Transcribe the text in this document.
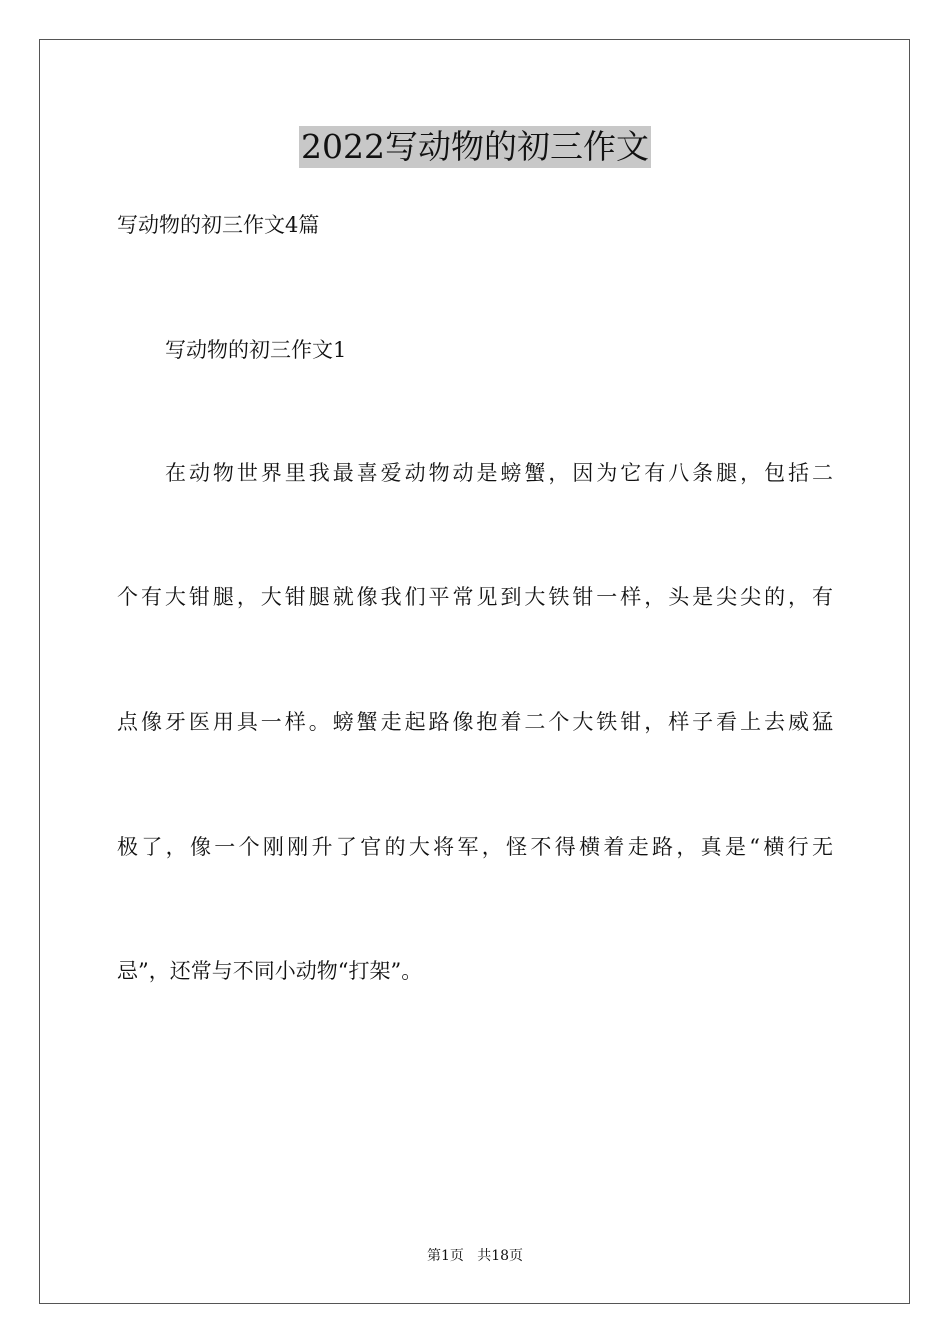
2022写动物的初三作文
写动物的初三作文4篇
写动物的初三作文1
在动物世界里我最喜爱动物动是螃蟹，因为它有八条腿，包括二
个有大钳腿，大钳腿就像我们平常见到大铁钳一样，头是尖尖的，有
点像牙医用具一样。螃蟹走起路像抱着二个大铁钳，样子看上去威猛
极了，像一个刚刚升了官的大将军，怪不得横着走路，真是“横行无
忌”，还常与不同小动物“打架”。
第1页   共18页
